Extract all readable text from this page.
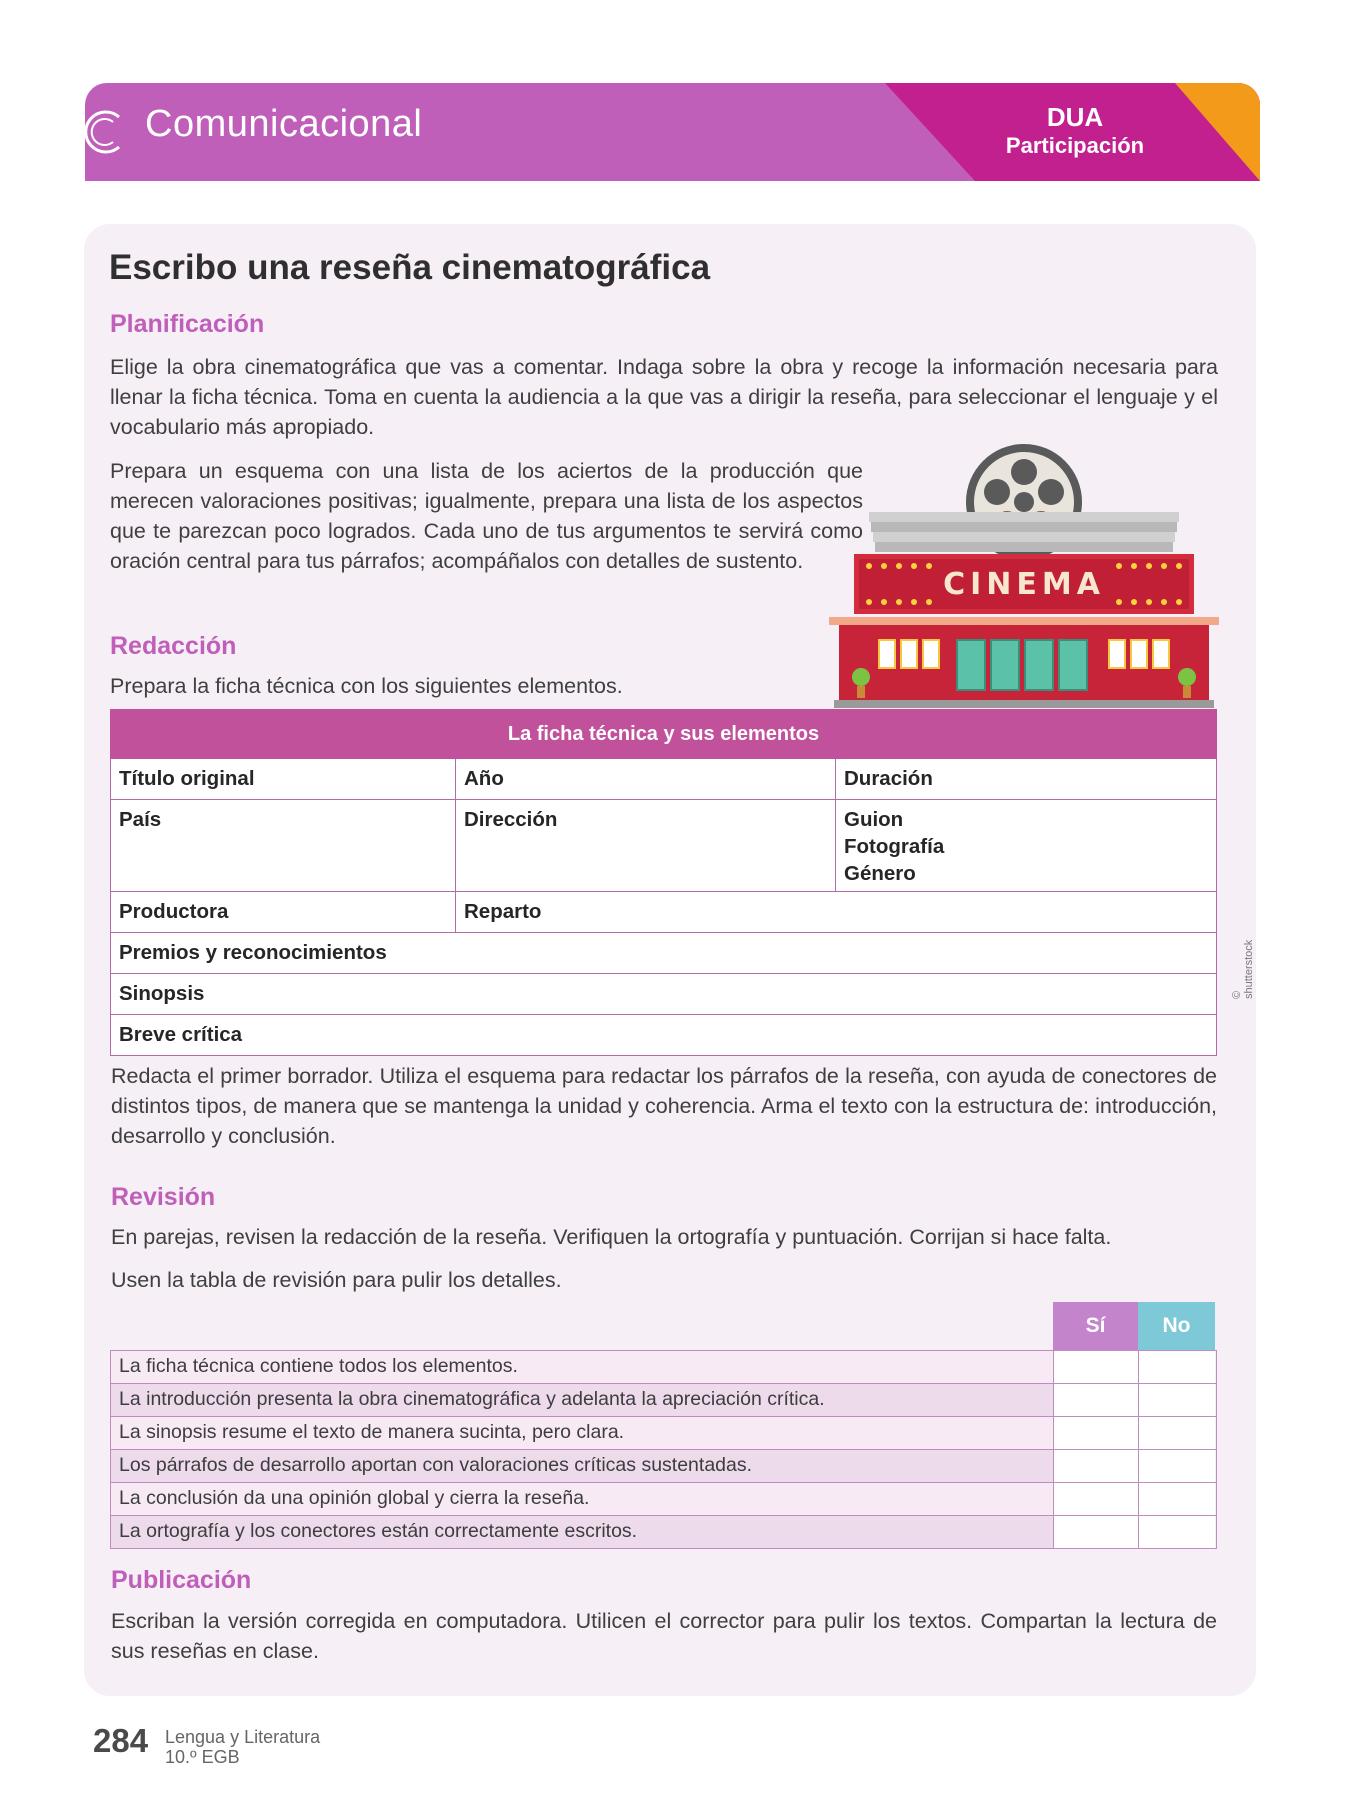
Comunicacional	DUA
Participación
Escribo una reseña cinematográfica
Planificación

Elige la obra cinematográfica que vas a comentar. Indaga sobre la obra y recoge la información necesaria para llenar la ficha técnica. Toma en cuenta la audiencia a la que vas a dirigir la reseña, para seleccionar el lenguaje y el vocabulario más apropiado.

Prepara un esquema con una lista de los aciertos de la producción que merecen valoraciones positivas; igualmente, prepara una lista de los aspectos que te parezcan poco logrados. Cada uno de tus argumentos te servirá como oración central para tus párrafos; acompáñalos con detalles de sustento.

CINEMA
© shutterstock
Redacción

Prepara la ficha técnica con los siguientes elementos.

La ficha técnica y sus elementos
Título original	Año	Duración
País	Dirección	Guion
Fotografía
Género
Productora	Reparto
Premios y reconocimientos
Sinopsis
Breve crítica

Redacta el primer borrador. Utiliza el esquema para redactar los párrafos de la reseña, con ayuda de conectores de distintos tipos, de manera que se mantenga la unidad y coherencia. Arma el texto con la estructura de: introducción, desarrollo y conclusión.

Revisión

En parejas, revisen la redacción de la reseña. Verifiquen la ortografía y puntuación. Corrijan si hace falta.

Usen la tabla de revisión para pulir los detalles.

Sí	No
La ficha técnica contiene todos los elementos.
La introducción presenta la obra cinematográfica y adelanta la apreciación crítica.
La sinopsis resume el texto de manera sucinta, pero clara.
Los párrafos de desarrollo aportan con valoraciones críticas sustentadas.
La conclusión da una opinión global y cierra la reseña.
La ortografía y los conectores están correctamente escritos.
Publicación

Escriban la versión corregida en computadora. Utilicen el corrector para pulir los textos. Compartan la lectura de sus reseñas en clase.

284 Lengua y Literatura
10.º EGB
